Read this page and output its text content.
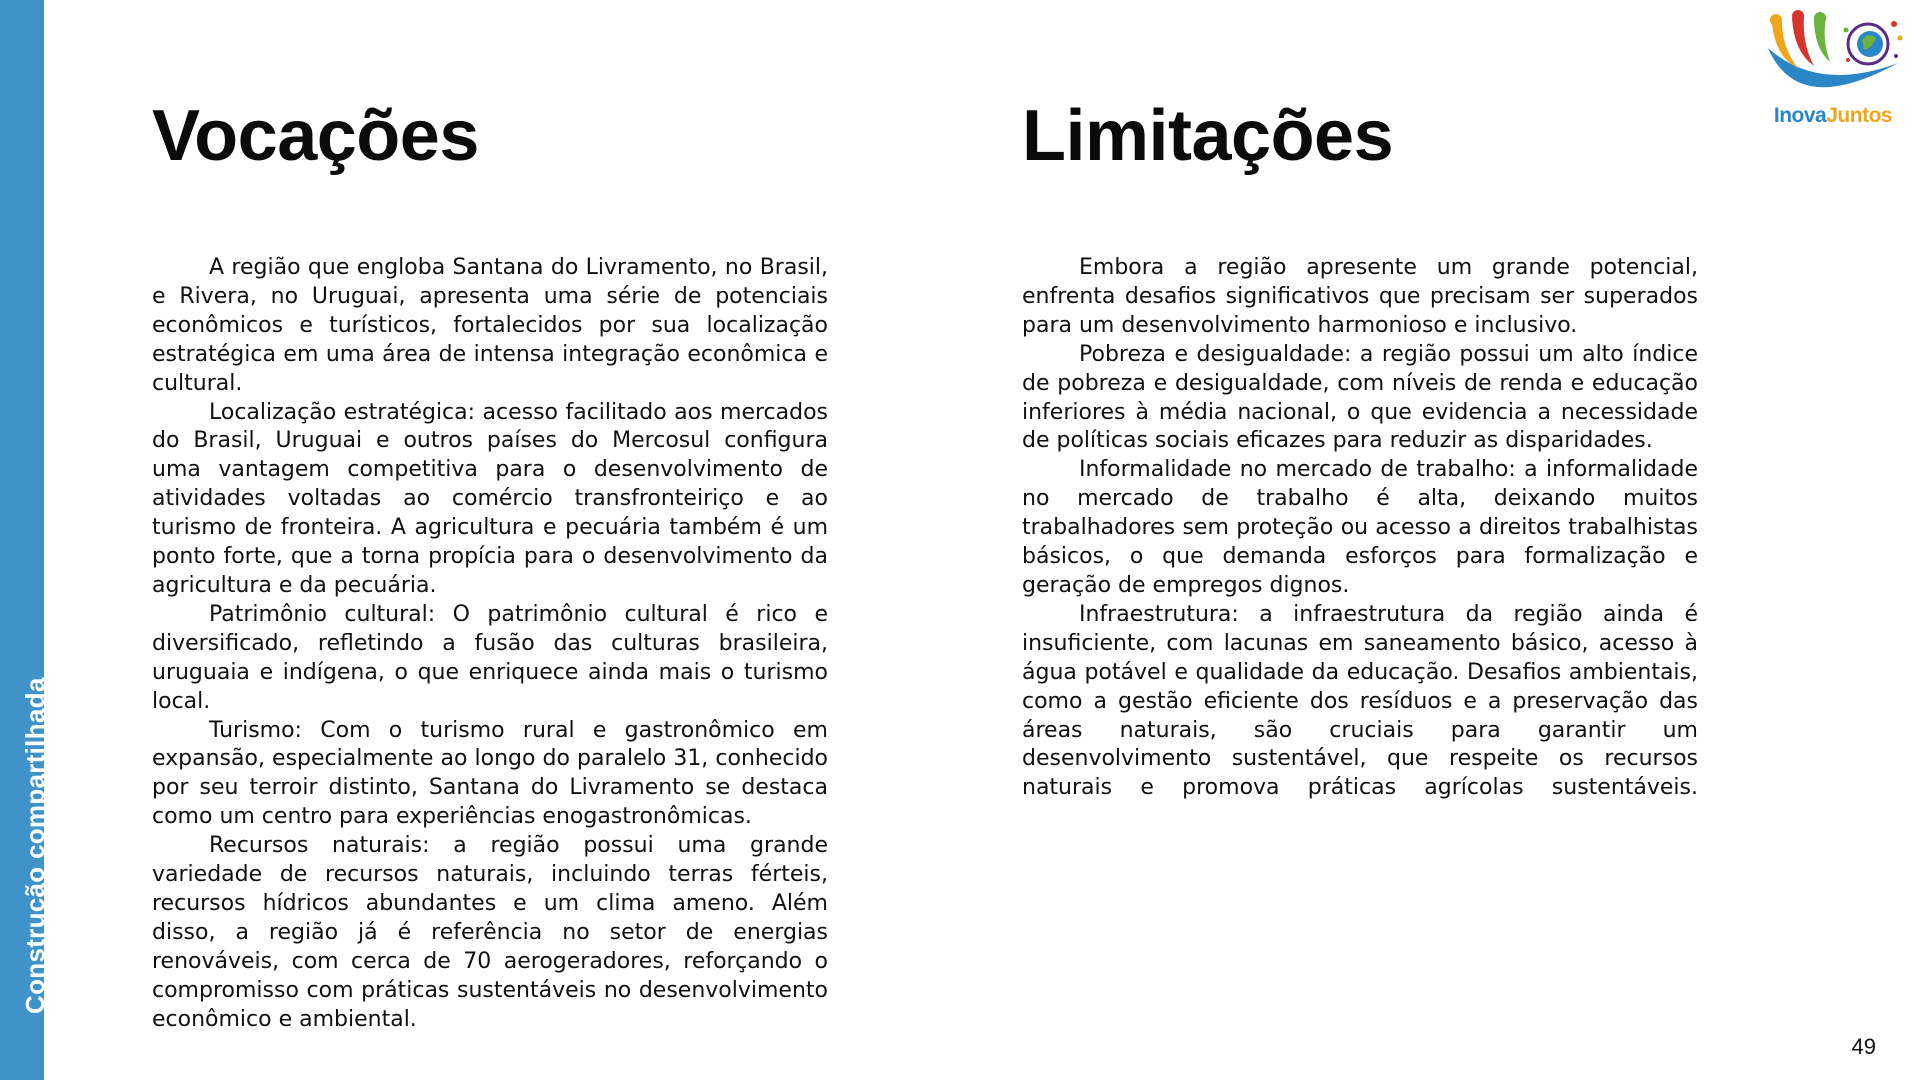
Construção compartilhada
InovaJuntos
Vocações	Limitações

A região que engloba Santana do Livramento, no Brasil, e Rivera, no Uruguai, apresenta uma série de potenciais econômicos e turísticos, fortalecidos por sua localização estratégica em uma área de intensa integração econômica e cultural.

Localização estratégica: acesso facilitado aos mercados do Brasil, Uruguai e outros países do Mercosul configura uma vantagem competitiva para o desenvolvimento de atividades voltadas ao comércio transfronteiriço e ao turismo de fronteira. A agricultura e pecuária também é um ponto forte, que a torna propícia para o desenvolvimento da agricultura e da pecuária.

Patrimônio cultural: O patrimônio cultural é rico e diversificado, refletindo a fusão das culturas brasileira, uruguaia e indígena, o que enriquece ainda mais o turismo local.

Turismo: Com o turismo rural e gastronômico em expansão, especialmente ao longo do paralelo 31, conhecido por seu terroir distinto, Santana do Livramento se destaca como um centro para experiências enogastronômicas.

Recursos naturais: a região possui uma grande variedade de recursos naturais, incluindo terras férteis, recursos hídricos abundantes e um clima ameno. Além disso, a região já é referência no setor de energias renováveis, com cerca de 70 aerogeradores, reforçando o compromisso com práticas sustentáveis no desenvolvimento econômico e ambiental.

Embora a região apresente um grande potencial, enfrenta desafios significativos que precisam ser superados para um desenvolvimento harmonioso e inclusivo.

Pobreza e desigualdade: a região possui um alto índice de pobreza e desigualdade, com níveis de renda e educação inferiores à média nacional, o que evidencia a necessidade de políticas sociais eficazes para reduzir as disparidades.

Informalidade no mercado de trabalho: a informalidade no mercado de trabalho é alta, deixando muitos trabalhadores sem proteção ou acesso a direitos trabalhistas básicos, o que demanda esforços para formalização e geração de empregos dignos.

Infraestrutura: a infraestrutura da região ainda é insuficiente, com lacunas em saneamento básico, acesso à água potável e qualidade da educação. Desafios ambientais, como a gestão eficiente dos resíduos e a preservação das áreas naturais, são cruciais para garantir um desenvolvimento sustentável, que respeite os recursos naturais e promova práticas agrícolas sustentáveis.

49
